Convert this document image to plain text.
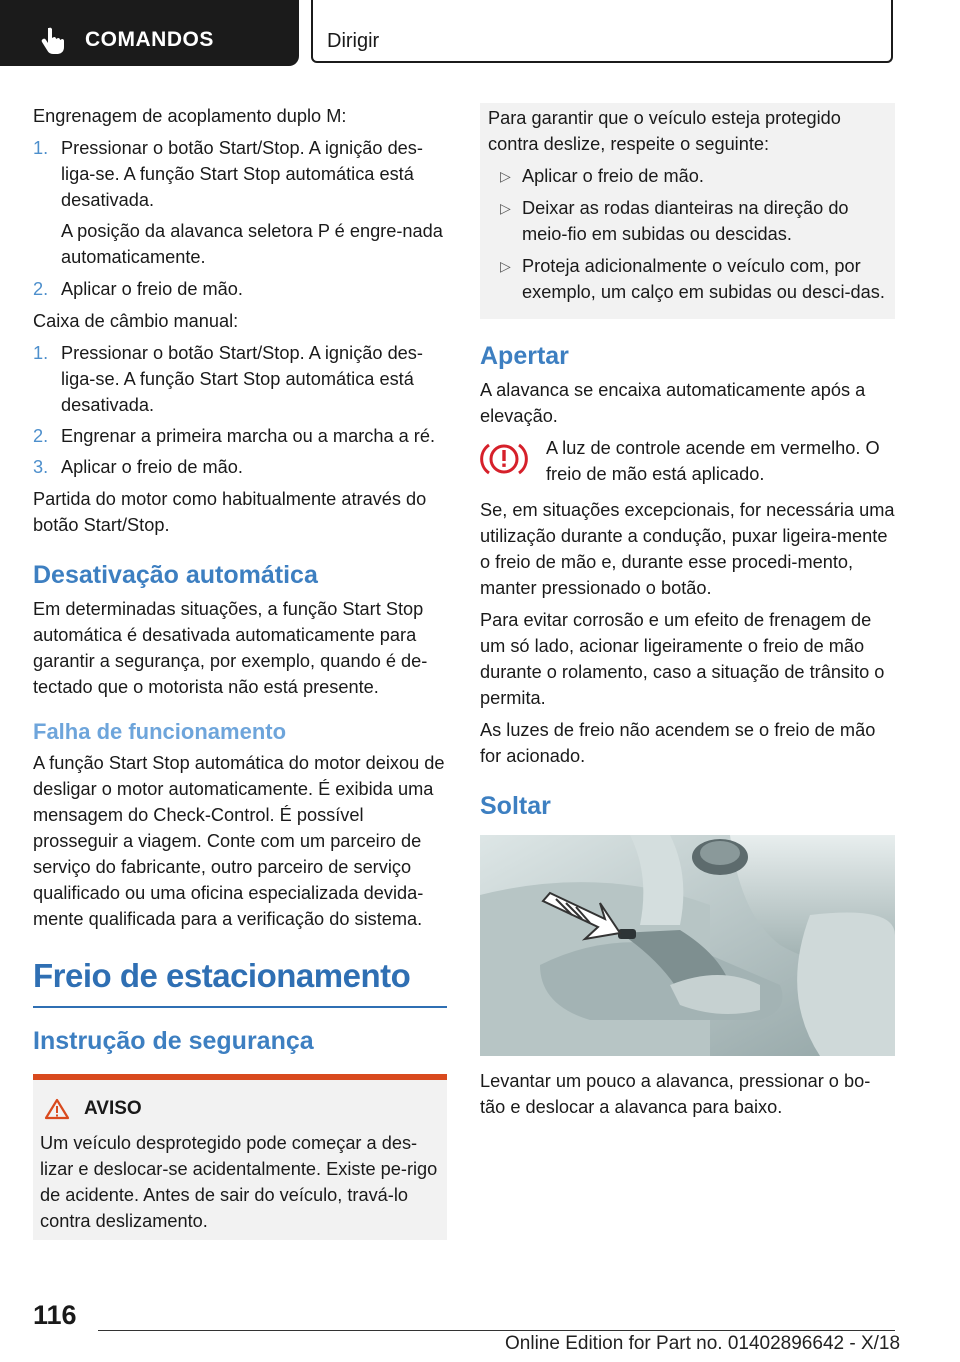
COMANDOS	Dirigir

Engrenagem de acoplamento duplo M:

1. Pressionar o botão Start/Stop. A ignição des‐liga-se. A função Start Stop automática está desativada.
A posição da alavanca seletora P é engre‐nada automaticamente.
2. Aplicar o freio de mão.

Caixa de câmbio manual:

1. Pressionar o botão Start/Stop. A ignição des‐liga-se. A função Start Stop automática está desativada.
2. Engrenar a primeira marcha ou a marcha a ré.
3. Aplicar o freio de mão.

Partida do motor como habitualmente através do botão Start/Stop.

Desativação automática

Em determinadas situações, a função Start Stop automática é desativada automaticamente para garantir a segurança, por exemplo, quando é de‐tectado que o motorista não está presente.

Falha de funcionamento

A função Start Stop automática do motor deixou de desligar o motor automaticamente. É exibida uma mensagem do Check-Control. É possível prosseguir a viagem. Conte com um parceiro de serviço do fabricante, outro parceiro de serviço qualificado ou uma oficina especializada devida‐mente qualificada para a verificação do sistema.

Freio de estacionamento
Instrução de segurança
AVISO
Um veículo desprotegido pode começar a des‐lizar e deslocar-se acidentalmente. Existe pe‐rigo de acidente. Antes de sair do veículo, travá-lo contra deslizamento.

Para garantir que o veículo esteja protegido contra deslize, respeite o seguinte:

▷ Aplicar o freio de mão.
▷ Deixar as rodas dianteiras na direção do meio-fio em subidas ou descidas.
▷ Proteja adicionalmente o veículo com, por exemplo, um calço em subidas ou desci‐das.
Apertar

A alavanca se encaixa automaticamente após a elevação.

A luz de controle acende em vermelho. O freio de mão está aplicado.

Se, em situações excepcionais, for necessária uma utilização durante a condução, puxar ligeira‐mente o freio de mão e, durante esse procedi‐mento, manter pressionado o botão.

Para evitar corrosão e um efeito de frenagem de um só lado, acionar ligeiramente o freio de mão durante o rolamento, caso a situação de trânsito o permita.

As luzes de freio não acendem se o freio de mão for acionado.

Soltar

Levantar um pouco a alavanca, pressionar o bo‐tão e deslocar a alavanca para baixo.

116
Online Edition for Part no. 01402896642 - X/18
